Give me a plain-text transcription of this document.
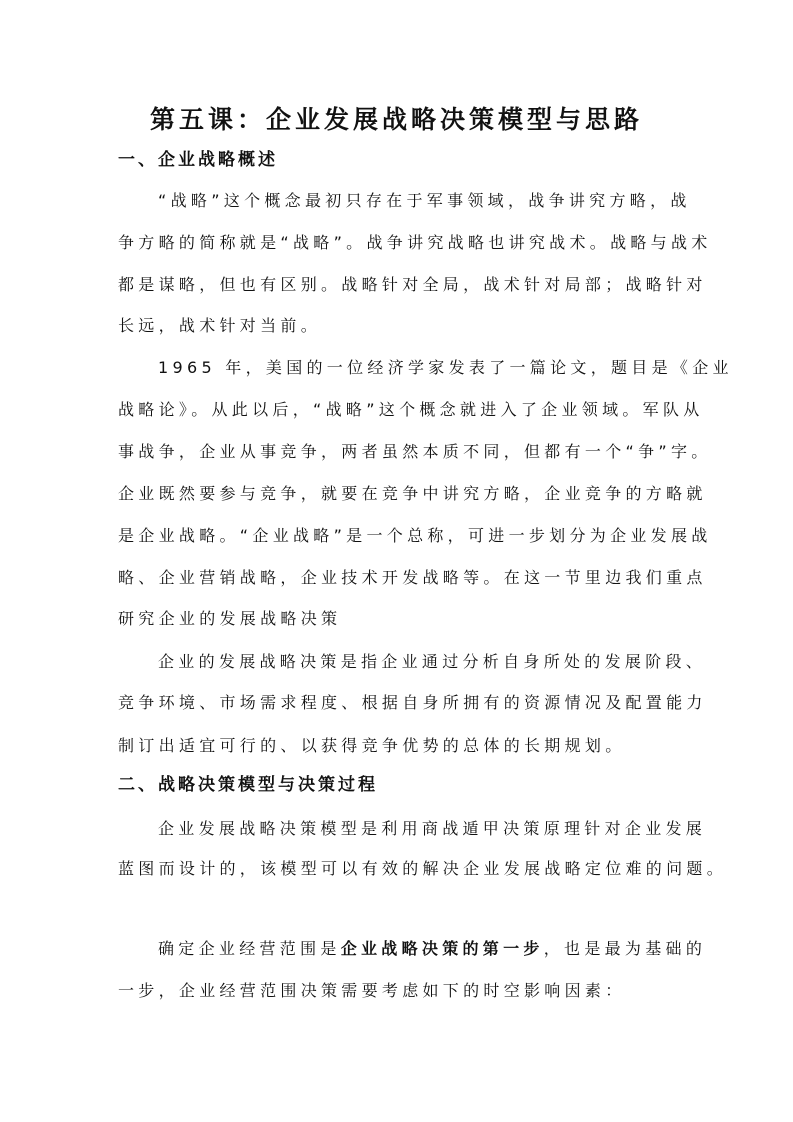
第五课：企业发展战略决策模型与思路
一、企业战略概述
“战略”这个概念最初只存在于军事领域，战争讲究方略，战
争方略的简称就是“战略”。战争讲究战略也讲究战术。战略与战术
都是谋略，但也有区别。战略针对全局，战术针对局部；战略针对
长远，战术针对当前。
1965 年，美国的一位经济学家发表了一篇论文，题目是《企业
战略论》。从此以后，“战略”这个概念就进入了企业领域。军队从
事战争，企业从事竞争，两者虽然本质不同，但都有一个“争”字。
企业既然要参与竞争，就要在竞争中讲究方略，企业竞争的方略就
是企业战略。“企业战略”是一个总称，可进一步划分为企业发展战
略、企业营销战略，企业技术开发战略等。在这一节里边我们重点
研究企业的发展战略决策
企业的发展战略决策是指企业通过分析自身所处的发展阶段、
竞争环境、市场需求程度、根据自身所拥有的资源情况及配置能力
制订出适宜可行的、以获得竞争优势的总体的长期规划。
二、战略决策模型与决策过程
企业发展战略决策模型是利用商战遁甲决策原理针对企业发展
蓝图而设计的，该模型可以有效的解决企业发展战略定位难的问题。
确定企业经营范围是企业战略决策的第一步，也是最为基础的
一步，企业经营范围决策需要考虑如下的时空影响因素：
